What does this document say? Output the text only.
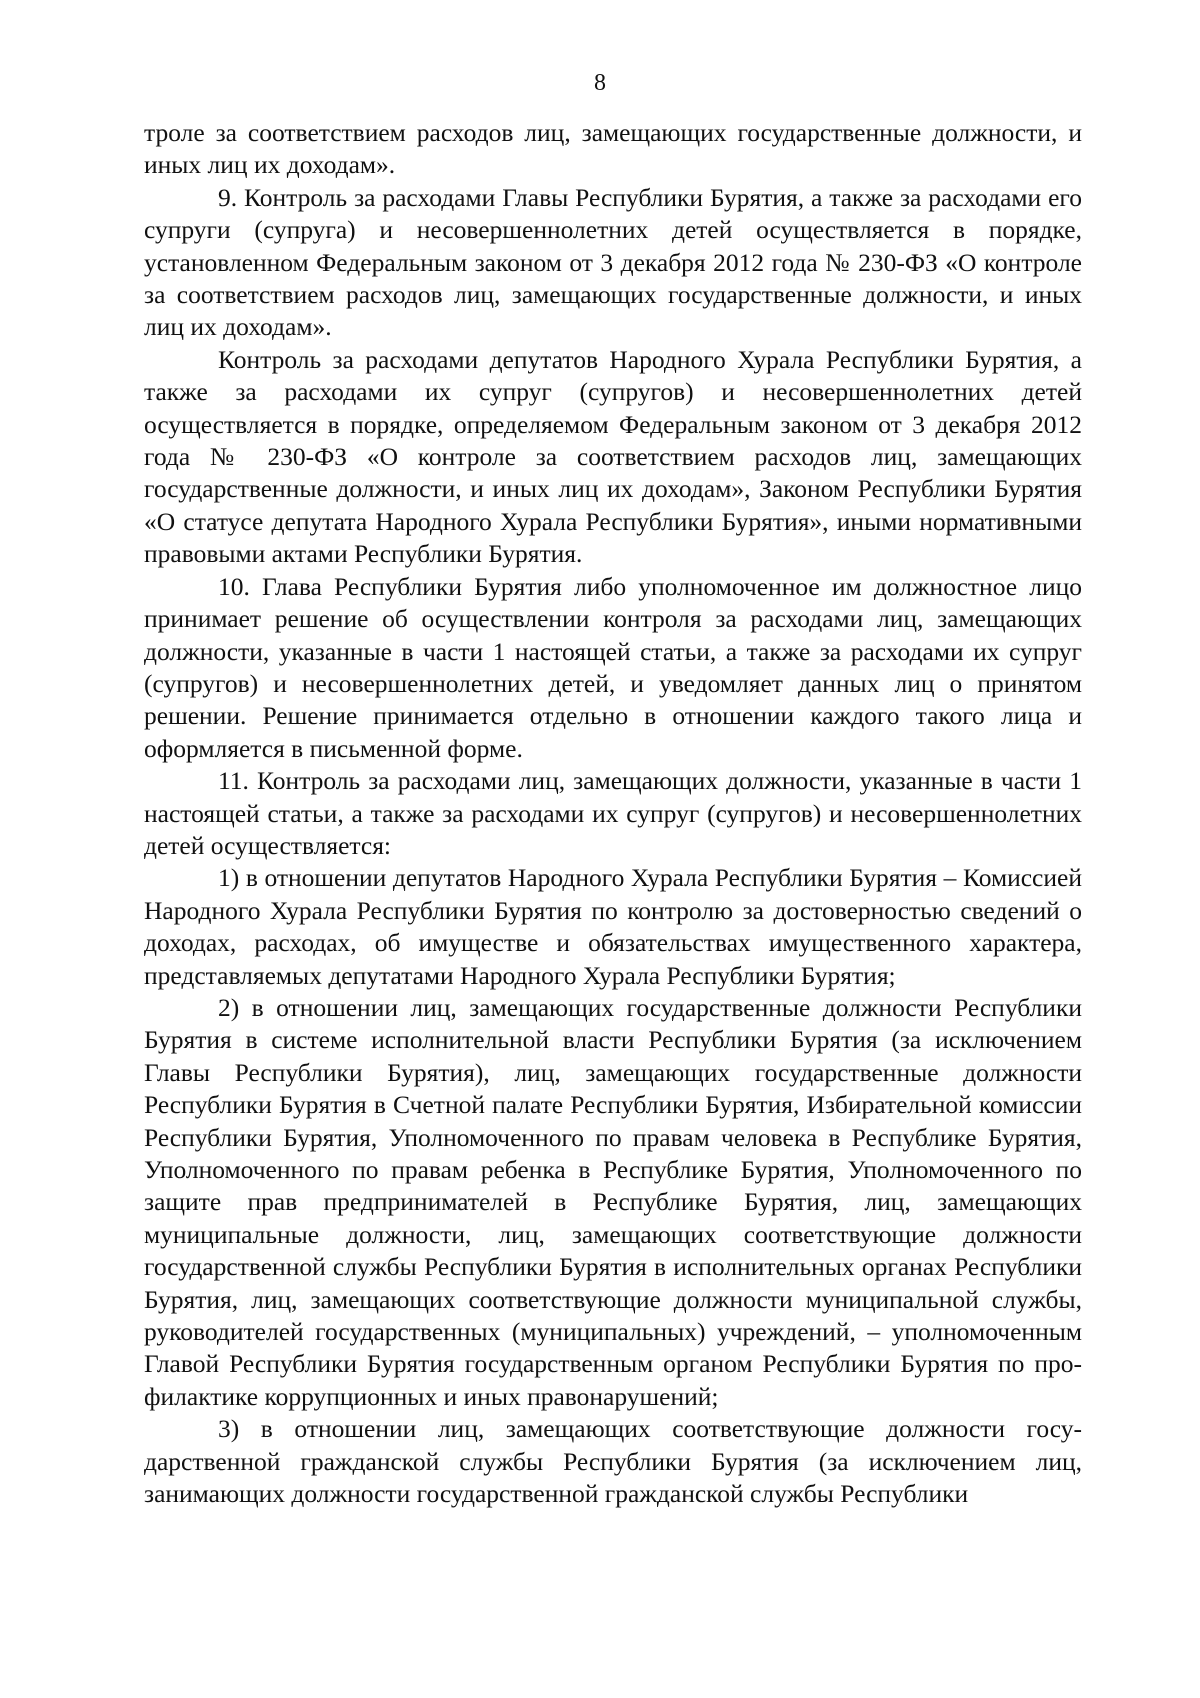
8

троле за соответствием расходов лиц, замещающих государственные должности, и иных лиц их доходам».

9. Контроль за расходами Главы Республики Бурятия, а также за расходами его супруги (супруга) и несовершеннолетних детей осуществляется в порядке, установленном Федеральным законом от 3 декабря 2012 года № 230-ФЗ «О контроле за соответствием расходов лиц, замещающих государственные должности, и иных лиц их доходам».

Контроль за расходами депутатов Народного Хурала Республики Бурятия, а также за расходами их супруг (супругов) и несовершеннолетних детей осуществляется в порядке, определяемом Федеральным законом от 3 декабря 2012 года № 230-ФЗ «О контроле за соответствием расходов лиц, замещающих государственные должности, и иных лиц их доходам», Законом Республики Бурятия «О статусе депутата Народного Хурала Республики Бурятия», иными нормативными правовыми актами Республики Бурятия.

10. Глава Республики Бурятия либо уполномоченное им должностное лицо принимает решение об осуществлении контроля за расходами лиц, замещающих должности, указанные в части 1 настоящей статьи, а также за расходами их супруг (супругов) и несовершеннолетних детей, и уведомляет данных лиц о принятом решении. Решение принимается отдельно в отношении каждого такого лица и оформляется в письменной форме.

11. Контроль за расходами лиц, замещающих должности, указанные в части 1 настоящей статьи, а также за расходами их супруг (супругов) и несовершеннолетних детей осуществляется:

1) в отношении депутатов Народного Хурала Республики Бурятия – Комиссией Народного Хурала Республики Бурятия по контролю за достоверностью сведений о доходах, расходах, об имуществе и обязательствах имущественного характера, представляемых депутатами Народного Хурала Республики Бурятия;

2) в отношении лиц, замещающих государственные должности Республики Бурятия в системе исполнительной власти Республики Бурятия (за исключением Главы Республики Бурятия), лиц, замещающих государственные должности Республики Бурятия в Счетной палате Республики Бурятия, Избирательной комиссии Республики Бурятия, Уполномоченного по правам человека в Республике Бурятия, Уполномоченного по правам ребенка в Республике Бурятия, Уполномоченного по защите прав предпринимателей в Республике Бурятия, лиц, замещающих муниципальные должности, лиц, замещающих соответствующие должности государственной службы Республики Бурятия в исполнительных органах Республики Бурятия, лиц, замещающих соответствующие должности муниципальной службы, руководителей государственных (муниципальных) учреждений, – уполномоченным Главой Республики Бурятия государственным органом Республики Бурятия по профилактике коррупционных и иных правонарушений;

3) в отношении лиц, замещающих соответствующие должности государственной гражданской службы Республики Бурятия (за исключением лиц, занимающих должности государственной гражданской службы Республики
